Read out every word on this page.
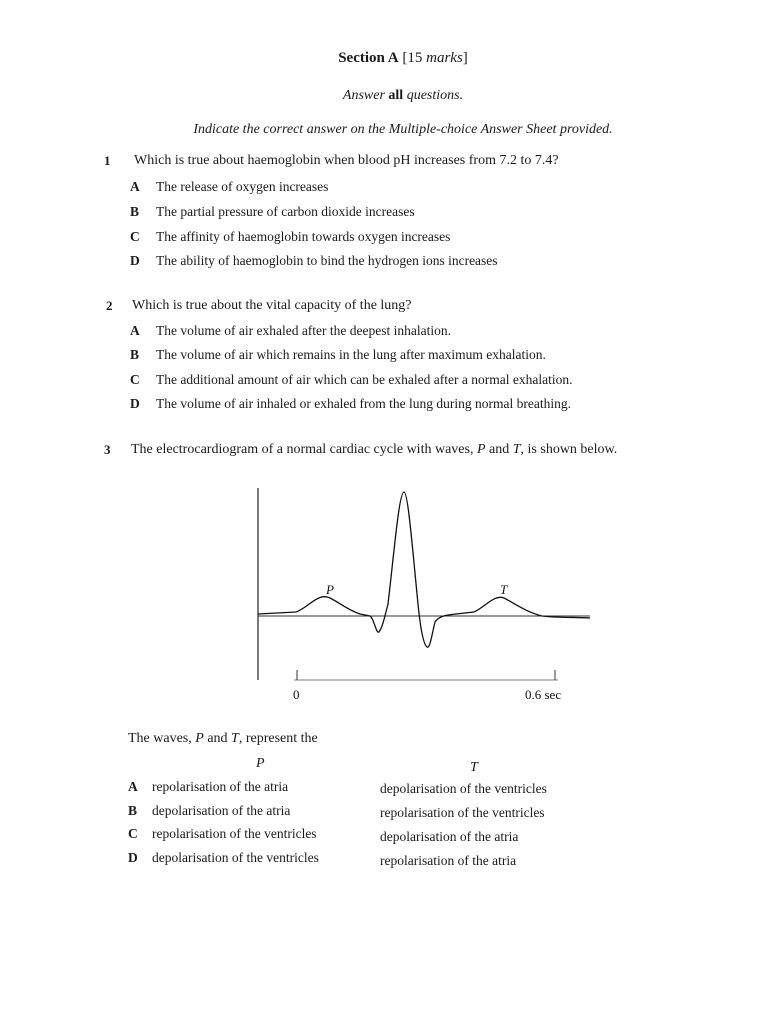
Section A [15 marks]
Answer all questions.
Indicate the correct answer on the Multiple-choice Answer Sheet provided.
1 Which is true about haemoglobin when blood pH increases from 7.2 to 7.4?
A The release of oxygen increases
B The partial pressure of carbon dioxide increases
C The affinity of haemoglobin towards oxygen increases
D The ability of haemoglobin to bind the hydrogen ions increases
2 Which is true about the vital capacity of the lung?
A The volume of air exhaled after the deepest inhalation.
B The volume of air which remains in the lung after maximum exhalation.
C The additional amount of air which can be exhaled after a normal exhalation.
D The volume of air inhaled or exhaled from the lung during normal breathing.
3 The electrocardiogram of a normal cardiac cycle with waves, P and T, is shown below.
P	T
0	0.6 sec
The waves, P and T, represent the
P	T
A repolarisation of the atria	depolarisation of the ventricles
B depolarisation of the atria	repolarisation of the ventricles
C repolarisation of the ventricles	depolarisation of the atria
D depolarisation of the ventricles	repolarisation of the atria
